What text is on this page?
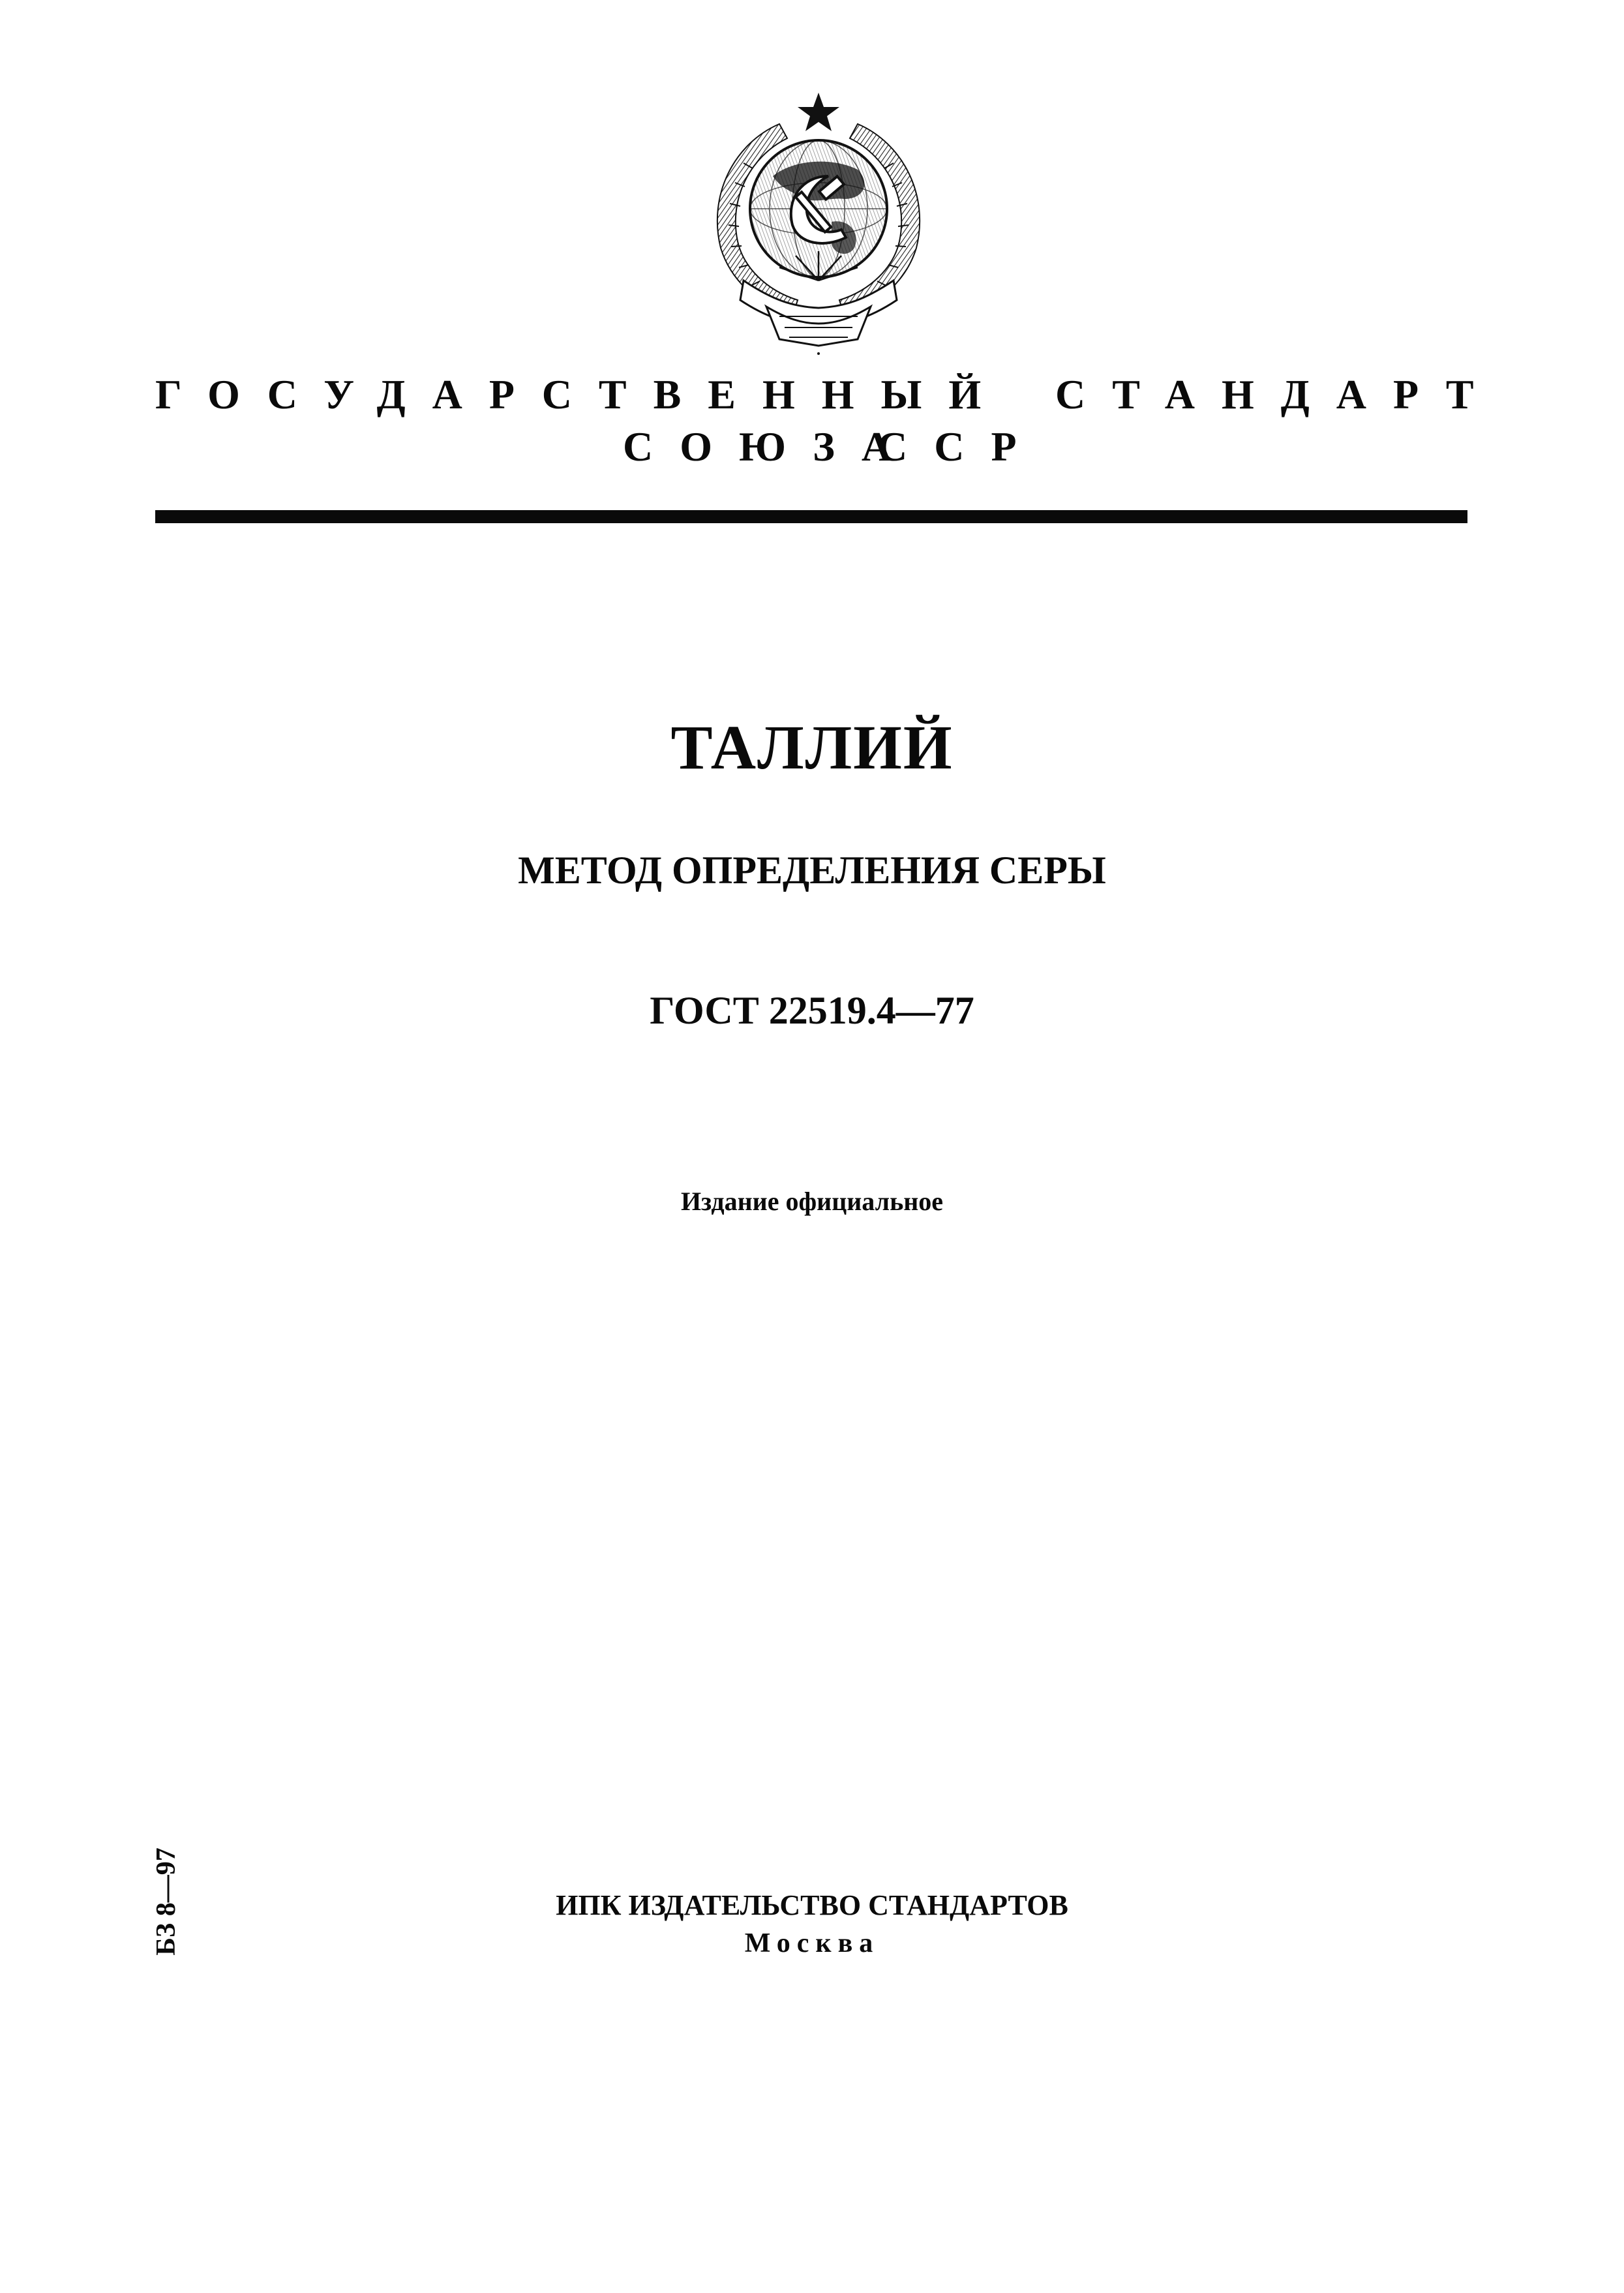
ГОСУДАРСТВЕННЫЙ СТАНДАРТ
СОЮЗА
ССР
ТАЛЛИЙ
МЕТОД ОПРЕДЕЛЕНИЯ СЕРЫ
ГОСТ 22519.4—77
Издание официальное
БЗ 8—97	ИПК ИЗДАТЕЛЬСТВО СТАНДАРТОВ
Москва
